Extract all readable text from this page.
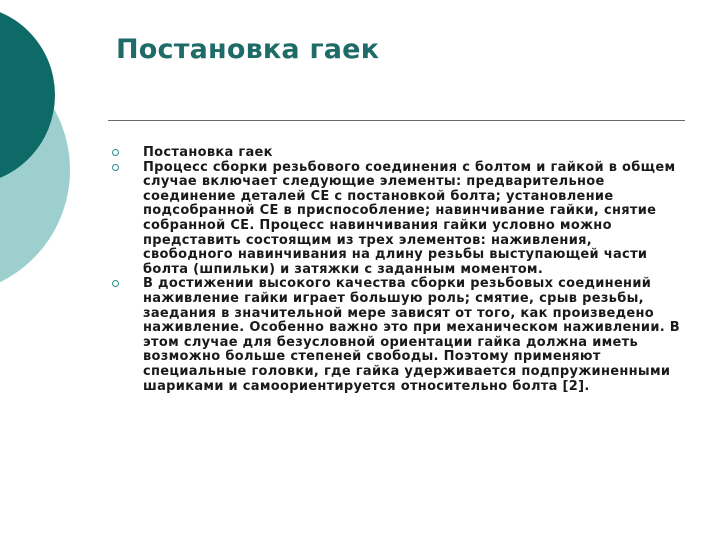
Постановка гаек
Постановка гаек
Процесс сборки резьбового соединения с болтом и гайкой в общем случае включает следующие элементы: предварительное соединение деталей СЕ с постановкой болта; установление подсобранной СЕ в приспособление; навинчивание гайки, снятие собранной СЕ. Процесс навинчивания гайки условно можно представить состоящим из трех элементов: наживления, свободного навинчивания на длину резьбы выступающей части болта (шпильки) и затяжки с заданным моментом.
В достижении высокого качества сборки резьбовых соединений наживление гайки играет большую роль; смятие, срыв резьбы, заедания в значительной мере зависят от того, как произведено наживление. Особенно важно это при механическом наживлении. В этом случае для безусловной ориентации гайка должна иметь возможно больше степеней свободы. Поэтому применяют специальные головки, где гайка удерживается подпружиненными шариками и самоориентируется относительно болта [2].
